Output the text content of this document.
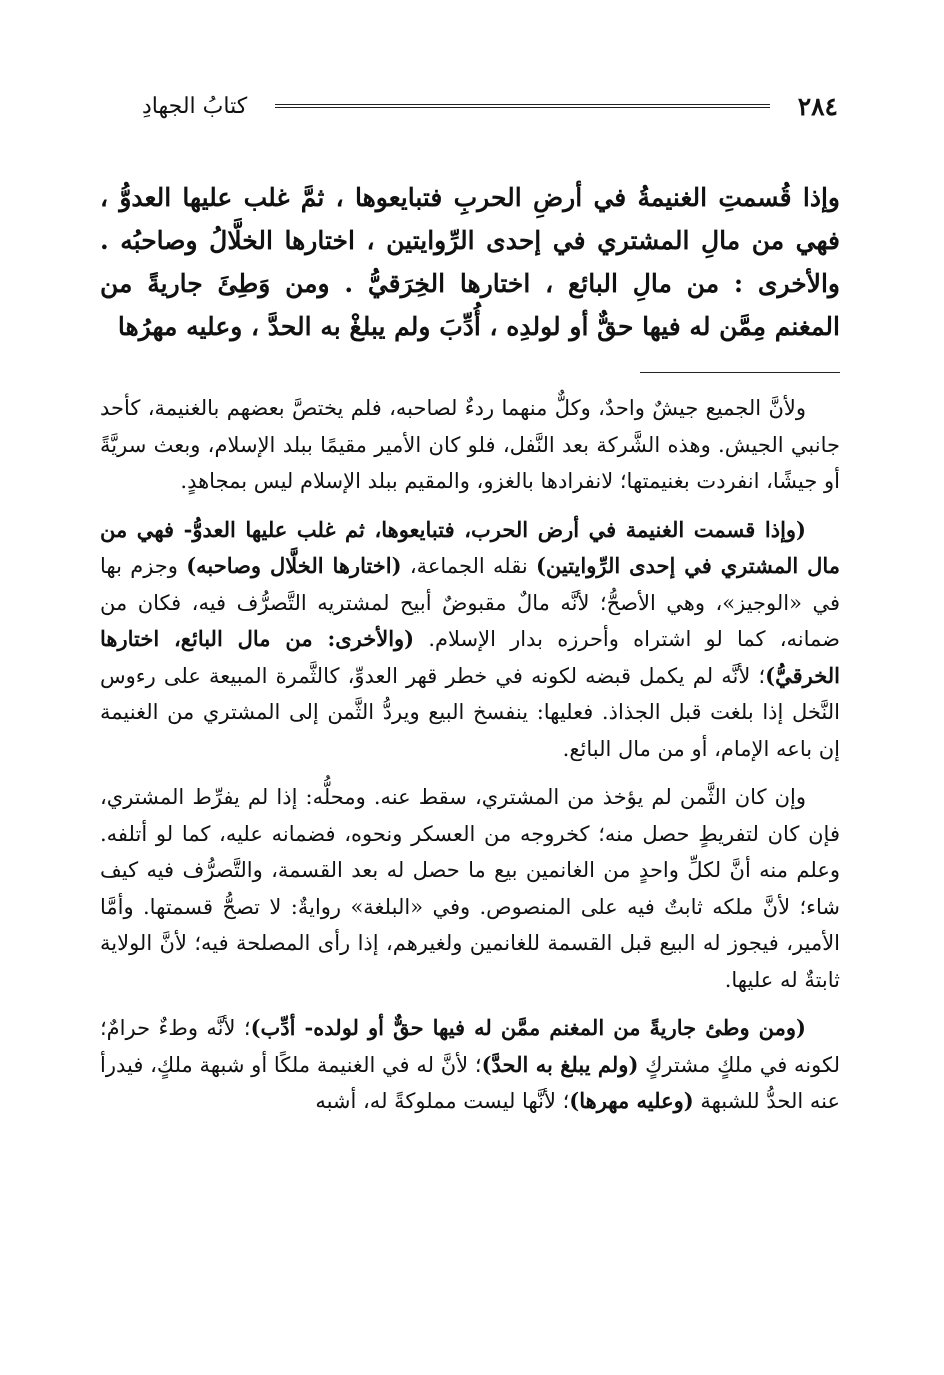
٢٨٤
كتابُ الجهادِ
وإذا قُسمتِ الغنيمةُ في أرضِ الحربِ فتبايعوها ، ثمَّ غلب عليها العدوُّ ، فهي من مالِ المشتري في إحدى الرِّوايتين ، اختارها الخلَّالُ وصاحبُه . والأخرى : من مالِ البائع ، اختارها الخِرَقيُّ . ومن وَطِئَ جاريةً من المغنم مِمَّن له فيها حقٌّ أو لولدِه ، أُدِّبَ ولم يبلغْ به الحدَّ ، وعليه مهرُها

ولأنَّ الجميع جيشٌ واحدٌ، وكلٌّ منهما ردءٌ لصاحبه، فلم يختصَّ بعضهم بالغنيمة، كأحد جانبي الجيش. وهذه الشَّركة بعد النَّفل، فلو كان الأمير مقيمًا ببلد الإسلام، وبعث سريَّةً أو جيشًا، انفردت بغنيمتها؛ لانفرادها بالغزو، والمقيم ببلد الإسلام ليس بمجاهدٍ.

(وإذا قسمت الغنيمة في أرض الحرب، فتبايعوها، ثم غلب عليها العدوُّ- فهي من مال المشتري في إحدى الرِّوايتين) نقله الجماعة، (اختارها الخلَّال وصاحبه) وجزم بها في «الوجيز»، وهي الأصحُّ؛ لأنَّه مالٌ مقبوضٌ أبيح لمشتريه التَّصرُّف فيه، فكان من ضمانه، كما لو اشتراه وأحرزه بدار الإسلام. (والأخرى: من مال البائع، اختارها الخرقيُّ)؛ لأنَّه لم يكمل قبضه لكونه في خطر قهر العدوِّ، كالثَّمرة المبيعة على رءوس النَّخل إذا بلغت قبل الجذاذ. فعليها: ينفسخ البيع ويردُّ الثَّمن إلى المشتري من الغنيمة إن باعه الإمام، أو من مال البائع.

وإن كان الثَّمن لم يؤخذ من المشتري، سقط عنه. ومحلُّه: إذا لم يفرِّط المشتري، فإن كان لتفريطٍ حصل منه؛ كخروجه من العسكر ونحوه، فضمانه عليه، كما لو أتلفه. وعلم منه أنَّ لكلِّ واحدٍ من الغانمين بيع ما حصل له بعد القسمة، والتَّصرُّف فيه كيف شاء؛ لأنَّ ملكه ثابتٌ فيه على المنصوص. وفي «البلغة» روايةٌ: لا تصحُّ قسمتها. وأمَّا الأمير، فيجوز له البيع قبل القسمة للغانمين ولغيرهم، إذا رأى المصلحة فيه؛ لأنَّ الولاية ثابتةٌ له عليها.

(ومن وطئ جاريةً من المغنم ممَّن له فيها حقٌّ أو لولده- أدِّب)؛ لأنَّه وطءٌ حرامٌ؛ لكونه في ملكٍ مشتركٍ (ولم يبلغ به الحدَّ)؛ لأنَّ له في الغنيمة ملكًا أو شبهة ملكٍ، فيدرأ عنه الحدُّ للشبهة (وعليه مهرها)؛ لأنَّها ليست مملوكةً له، أشبه
